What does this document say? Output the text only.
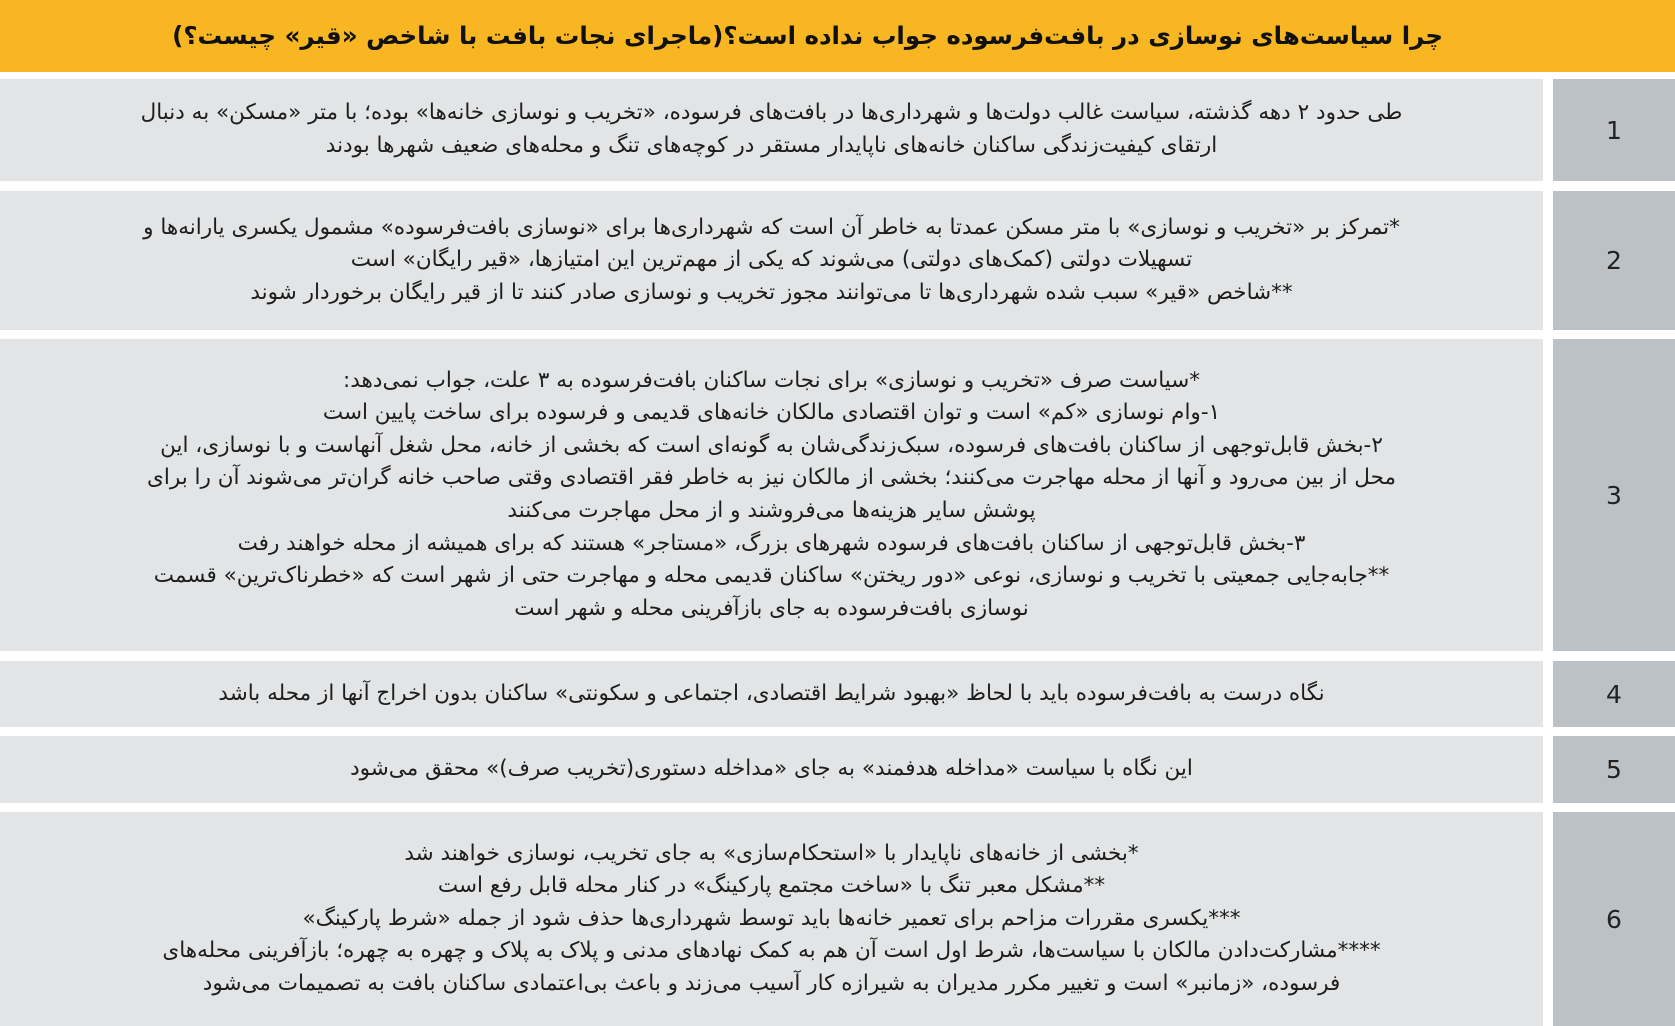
چرا سیاست‌های نوسازی در بافت‌فرسوده جواب نداده است؟(ماجرای نجات بافت با شاخص «قیر» چیست؟)
1
طی حدود ۲ دهه گذشته، سیاست غالب دولت‌ها و شهرداری‌ها در بافت‌های فرسوده، «تخریب و نوسازی خانه‌ها» بوده؛ با متر «مسکن» به دنبال
ارتقای کیفیت‌زندگی ساکنان خانه‌های ناپایدار مستقر در کوچه‌های تنگ و محله‌های ضعیف شهرها بودند
2
*تمرکز بر «تخریب و نوسازی» با متر مسکن عمدتا به خاطر آن است که شهرداری‌ها برای «نوسازی بافت‌فرسوده» مشمول یکسری یارانه‌ها و
تسهیلات دولتی (کمک‌های دولتی) می‌شوند که یکی از مهم‌ترین این امتیازها، «قیر رایگان» است
**شاخص «قیر» سبب شده شهرداری‌ها تا می‌توانند مجوز تخریب و نوسازی صادر کنند تا از قیر رایگان برخوردار شوند
3
*سیاست صرف «تخریب و نوسازی» برای نجات ساکنان بافت‌فرسوده به ۳ علت، جواب نمی‌دهد:
۱-وام نوسازی «کم» است و توان اقتصادی مالکان خانه‌های قدیمی و فرسوده برای ساخت پایین است
۲-بخش قابل‌توجهی از ساکنان بافت‌های فرسوده، سبک‌زندگی‌شان به گونه‌ای است که بخشی از خانه، محل شغل آنهاست و با نوسازی، این
محل از بین می‌رود و آنها از محله مهاجرت می‌کنند؛ بخشی از مالکان نیز به خاطر فقر اقتصادی وقتی صاحب خانه گران‌تر می‌شوند آن را برای
پوشش سایر هزینه‌ها می‌فروشند و از محل مهاجرت می‌کنند
۳-بخش قابل‌توجهی از ساکنان بافت‌های فرسوده شهرهای بزرگ، «مستاجر» هستند که برای همیشه از محله خواهند رفت
**جابه‌جایی جمعیتی با تخریب و نوسازی، نوعی «دور ریختن» ساکنان قدیمی محله و مهاجرت حتی از شهر است که «خطرناک‌ترین» قسمت
نوسازی بافت‌فرسوده به جای بازآفرینی محله و شهر است
4
نگاه درست به بافت‌فرسوده باید با لحاظ «بهبود شرایط اقتصادی، اجتماعی و سکونتی» ساکنان بدون اخراج آنها از محله باشد
5
این نگاه با سیاست «مداخله هدفمند» به جای «مداخله دستوری(تخریب صرف)» محقق می‌شود
6
*بخشی از خانه‌های ناپایدار با «استحکام‌سازی» به جای تخریب، نوسازی خواهند شد
**مشکل معبر تنگ با «ساخت مجتمع پارکینگ» در کنار محله قابل رفع است
***یکسری مقررات مزاحم برای تعمیر خانه‌ها باید توسط شهرداری‌ها حذف شود از جمله «شرط پارکینگ»
****مشارکت‌دادن مالکان با سیاست‌ها، شرط اول است آن هم به کمک نهادهای مدنی و پلاک به پلاک و چهره به چهره؛ بازآفرینی محله‌های
فرسوده، «زمانبر» است و تغییر مکرر مدیران به شیرازه کار آسیب می‌زند و باعث بی‌اعتمادی ساکنان بافت به تصمیمات می‌شود
